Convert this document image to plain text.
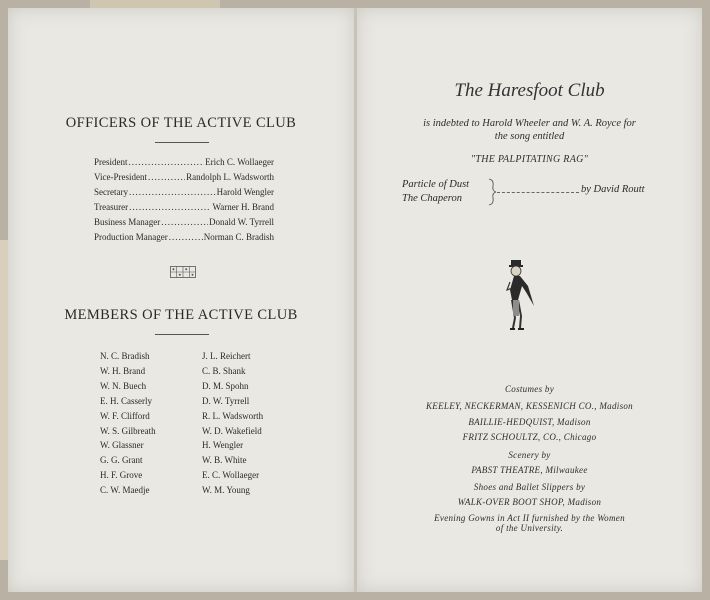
OFFICERS OF THE ACTIVE CLUB
President .....	Erich C. Wollaeger
Vice-President .....	Randolph L. Wadsworth
Secretary .....	Harold Wengler
Treasurer .....	Warner H. Brand
Business Manager .....	Donald W. Tyrrell
Production Manager .....	Norman C. Bradish
MEMBERS OF THE ACTIVE CLUB
N. C. Bradish
W. H. Brand
W. N. Buech
E. H. Casserly
W. F. Clifford
W. S. Gilbreath
W. Glassner
G. G. Grant
H. F. Grove
C. W. Maedje
J. L. Reichert
C. B. Shank
D. M. Spohn
D. W. Tyrrell
R. L. Wadsworth
W. D. Wakefield
H. Wengler
W. B. White
E. C. Wollaeger
W. M. Young
The Haresfoot Club
is indebted to Harold Wheeler and W. A. Royce for
the song entitled
"THE PALPITATING RAG"
Particle of Dust
The Chaperon
by David Routt
Costumes by
KEELEY, NECKERMAN, KESSENICH CO., Madison
BAILLIE-HEDQUIST, Madison
FRITZ SCHOULTZ, CO., Chicago
Scenery by
PABST THEATRE, Milwaukee
Shoes and Ballet Slippers by
WALK-OVER BOOT SHOP, Madison
Evening Gowns in Act II furnished by the Women
of the University.
